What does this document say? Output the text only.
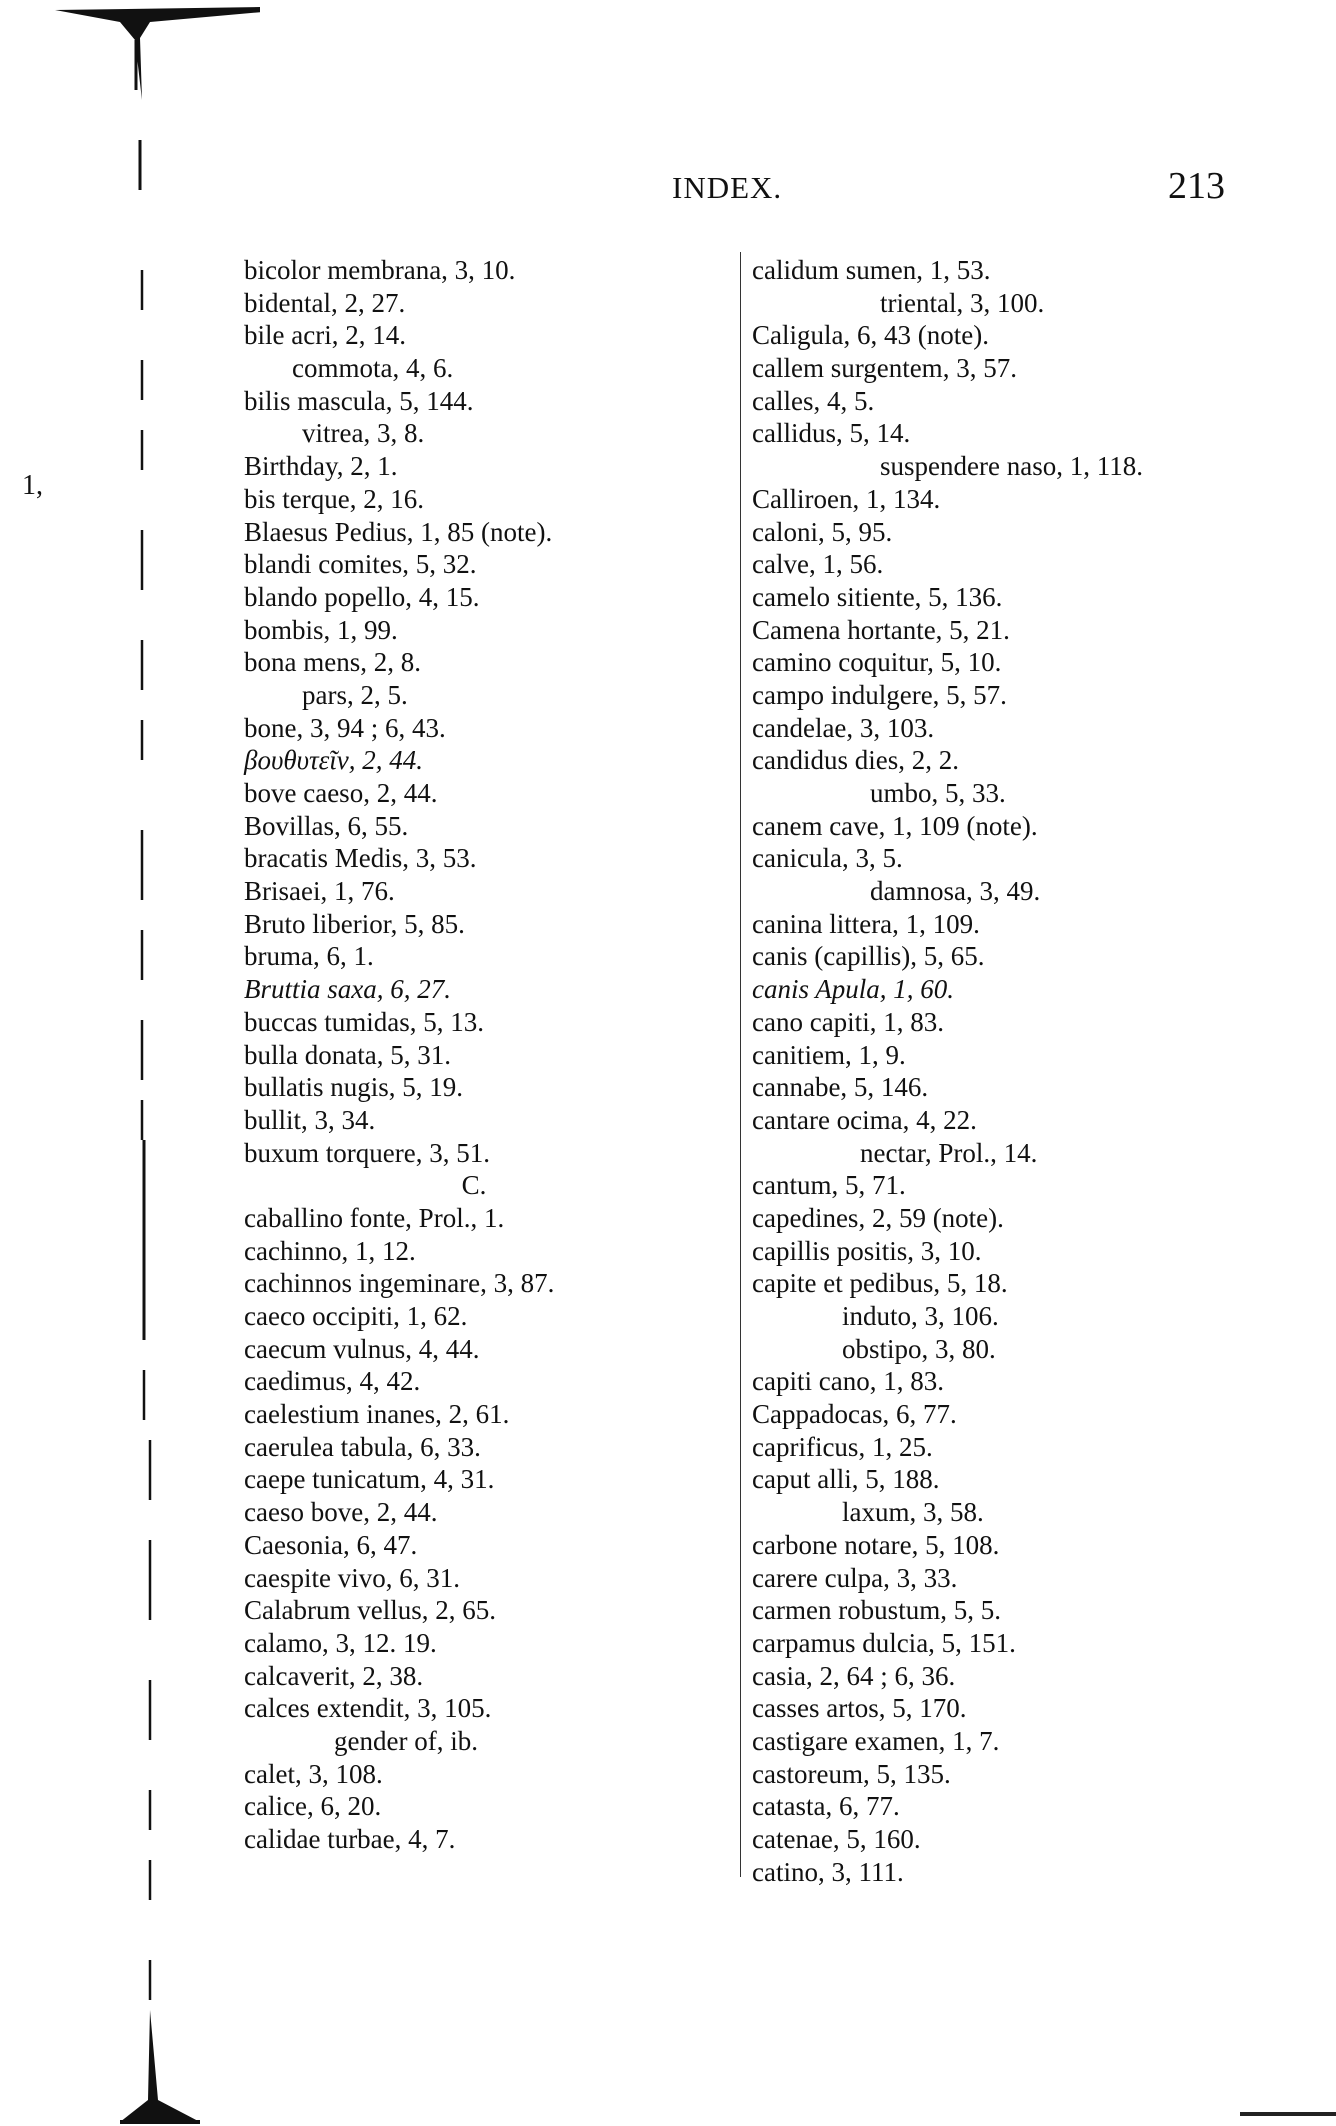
INDEX.	213
1,
bicolor membrana, 3, 10.
bidental, 2, 27.
bile acri, 2, 14.
commota, 4, 6.
bilis mascula, 5, 144.
vitrea, 3, 8.
Birthday, 2, 1.
bis terque, 2, 16.
Blaesus Pedius, 1, 85 (note).
blandi comites, 5, 32.
blando popello, 4, 15.
bombis, 1, 99.
bona mens, 2, 8.
pars, 2, 5.
bone, 3, 94 ; 6, 43.
βουθυτεῖν, 2, 44.
bove caeso, 2, 44.
Bovillas, 6, 55.
bracatis Medis, 3, 53.
Brisaei, 1, 76.
Bruto liberior, 5, 85.
bruma, 6, 1.
Bruttia saxa, 6, 27.
buccas tumidas, 5, 13.
bulla donata, 5, 31.
bullatis nugis, 5, 19.
bullit, 3, 34.
buxum torquere, 3, 51.
C.
caballino fonte, Prol., 1.
cachinno, 1, 12.
cachinnos ingeminare, 3, 87.
caeco occipiti, 1, 62.
caecum vulnus, 4, 44.
caedimus, 4, 42.
caelestium inanes, 2, 61.
caerulea tabula, 6, 33.
caepe tunicatum, 4, 31.
caeso bove, 2, 44.
Caesonia, 6, 47.
caespite vivo, 6, 31.
Calabrum vellus, 2, 65.
calamo, 3, 12. 19.
calcaverit, 2, 38.
calces extendit, 3, 105.
gender of, ib.
calet, 3, 108.
calice, 6, 20.
calidae turbae, 4, 7.
calidum sumen, 1, 53.
triental, 3, 100.
Caligula, 6, 43 (note).
callem surgentem, 3, 57.
calles, 4, 5.
callidus, 5, 14.
suspendere naso, 1, 118.
Calliroen, 1, 134.
caloni, 5, 95.
calve, 1, 56.
camelo sitiente, 5, 136.
Camena hortante, 5, 21.
camino coquitur, 5, 10.
campo indulgere, 5, 57.
candelae, 3, 103.
candidus dies, 2, 2.
umbo, 5, 33.
canem cave, 1, 109 (note).
canicula, 3, 5.
damnosa, 3, 49.
canina littera, 1, 109.
canis (capillis), 5, 65.
canis Apula, 1, 60.
cano capiti, 1, 83.
canitiem, 1, 9.
cannabe, 5, 146.
cantare ocima, 4, 22.
nectar, Prol., 14.
cantum, 5, 71.
capedines, 2, 59 (note).
capillis positis, 3, 10.
capite et pedibus, 5, 18.
induto, 3, 106.
obstipo, 3, 80.
capiti cano, 1, 83.
Cappadocas, 6, 77.
caprificus, 1, 25.
caput alli, 5, 188.
laxum, 3, 58.
carbone notare, 5, 108.
carere culpa, 3, 33.
carmen robustum, 5, 5.
carpamus dulcia, 5, 151.
casia, 2, 64 ; 6, 36.
casses artos, 5, 170.
castigare examen, 1, 7.
castoreum, 5, 135.
catasta, 6, 77.
catenae, 5, 160.
catino, 3, 111.
